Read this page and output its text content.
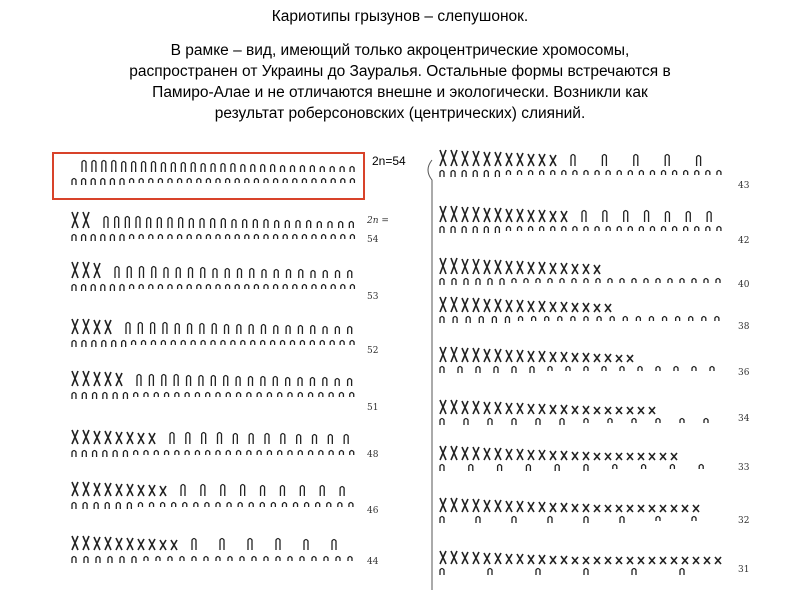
Кариотипы грызунов – слепушонок.
В рамке – вид, имеющий только акроцентрические хромосомы,
распространен от Украины до Зауралья. Остальные формы встречаются в
Памиро-Алае и не отличаются внешне и экологически. Возникли как
результат роберсоновских (центрических) слияний.
2n=54
2n =
54
53
52
51
48
46
44
43
42
40
38
36
34
33
32
31
